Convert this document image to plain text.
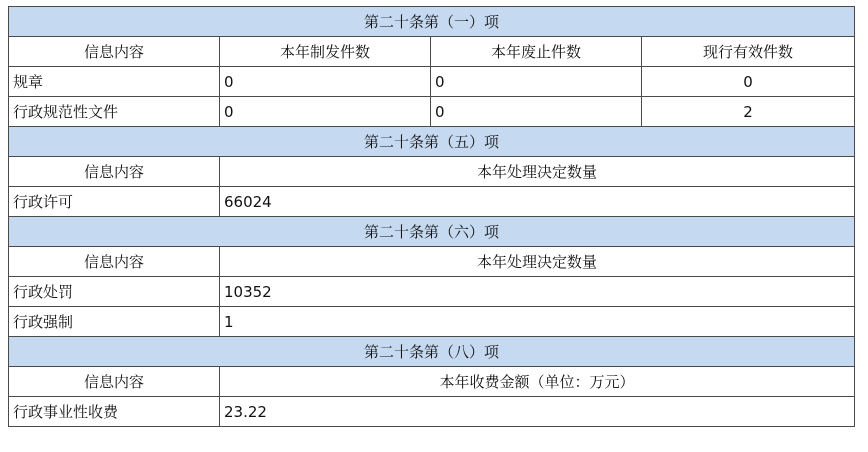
第二十条第（一）项			
信息内容	本年制发件数	本年废止件数	现行有效件数
规章	0	0	0
行政规范性文件	0	0	2
第二十条第（五）项			
信息内容	本年处理决定数量		
行政许可	66024		
第二十条第（六）项			
信息内容	本年处理决定数量		
行政处罚	10352		
行政强制	1		
第二十条第（八）项			
信息内容	本年收费金额（单位：万元）		
行政事业性收费	23.22		
